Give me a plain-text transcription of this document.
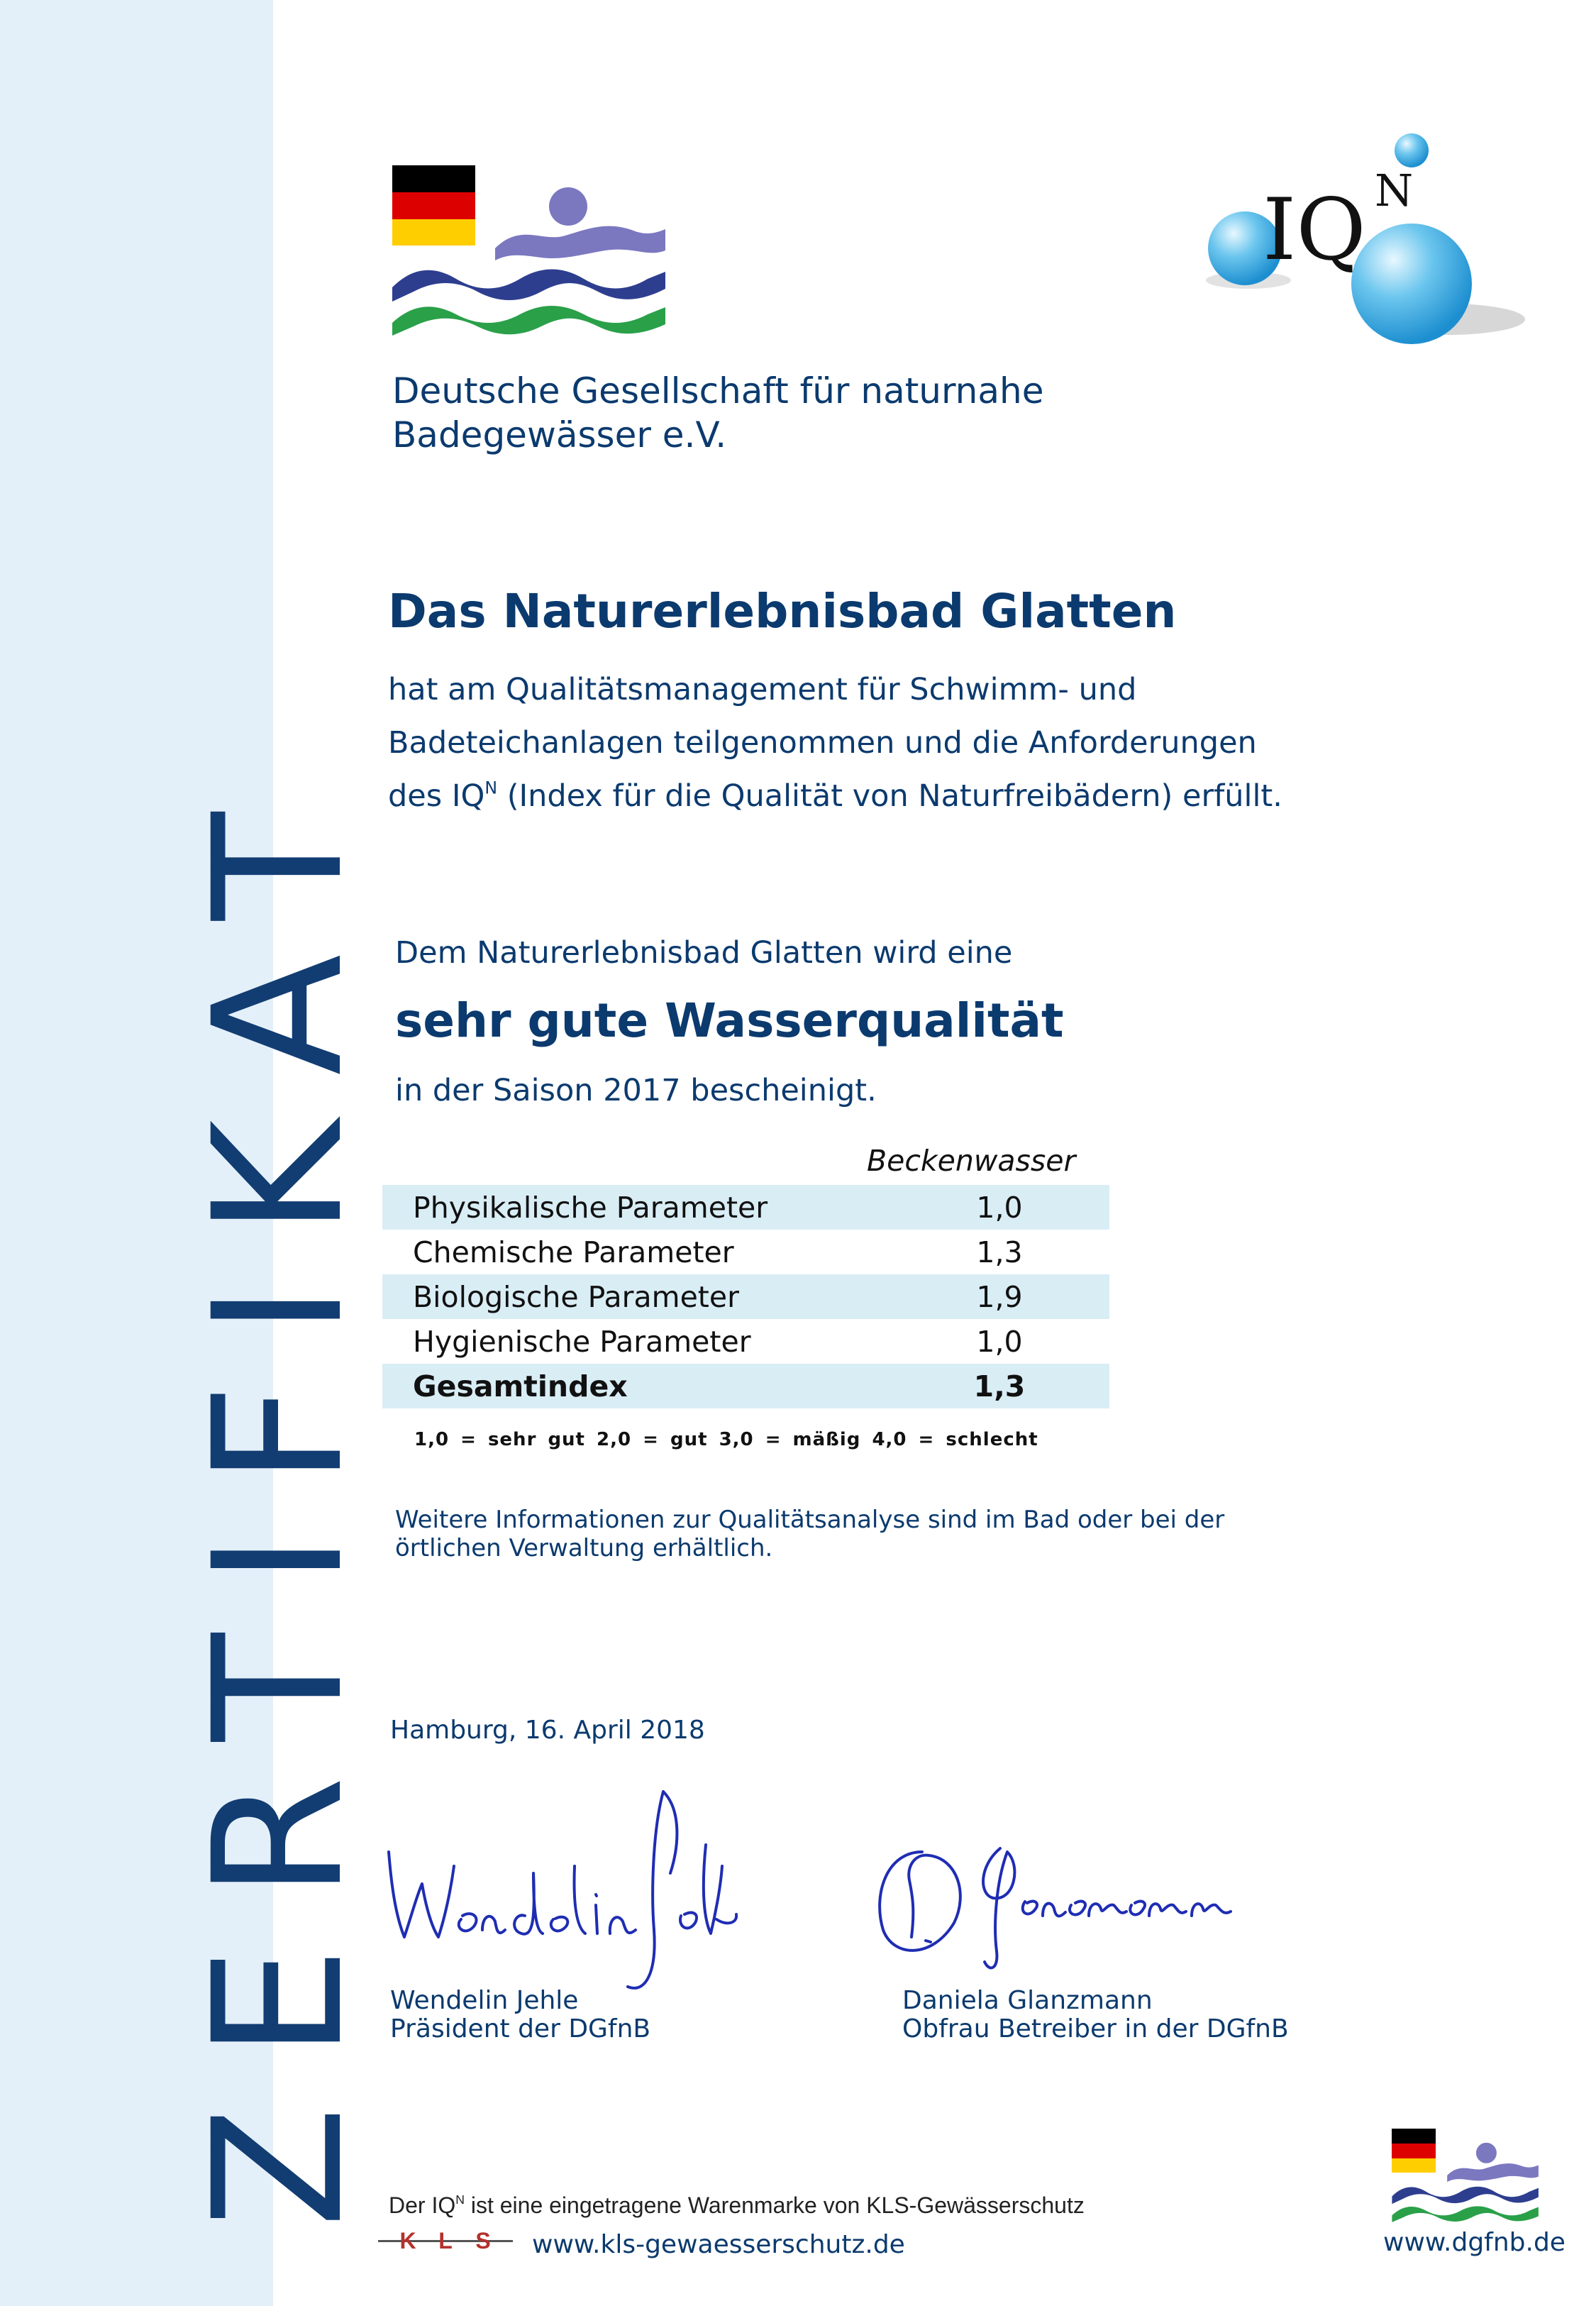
ZERTIFIKAT
IQ N
Deutsche Gesellschaft für naturnahe
Badegewässer e.V.
Das Naturerlebnisbad Glatten
hat am Qualitätsmanagement für Schwimm- und
Badeteichanlagen teilgenommen und die Anforderungen
des $IQ^N$ (Index für die Qualität von Naturfreibädern) erfüllt.
Dem Naturerlebnisbad Glatten wird eine
sehr gute Wasserqualität
in der Saison 2017 bescheinigt.
Beckenwasser
Physikalische Parameter	1,0
Chemische Parameter	1,3
Biologische Parameter	1,9
Hygienische Parameter	1,0
Gesamtindex	1,3
1,0 = sehr gut 2,0 = gut 3,0 = mäßig 4,0 = schlecht
Weitere Informationen zur Qualitätsanalyse sind im Bad oder bei der
örtlichen Verwaltung erhältlich.
Hamburg, 16. April 2018
Wendelin Jehle
Präsident der DGfnB
Daniela Glanzmann
Obfrau Betreiber in der DGfnB
Der $IQ^N$ ist eine eingetragene Warenmarke von KLS-Gewässerschutz
K L S www.kls-gewaesserschutz.de	www.dgfnb.de
